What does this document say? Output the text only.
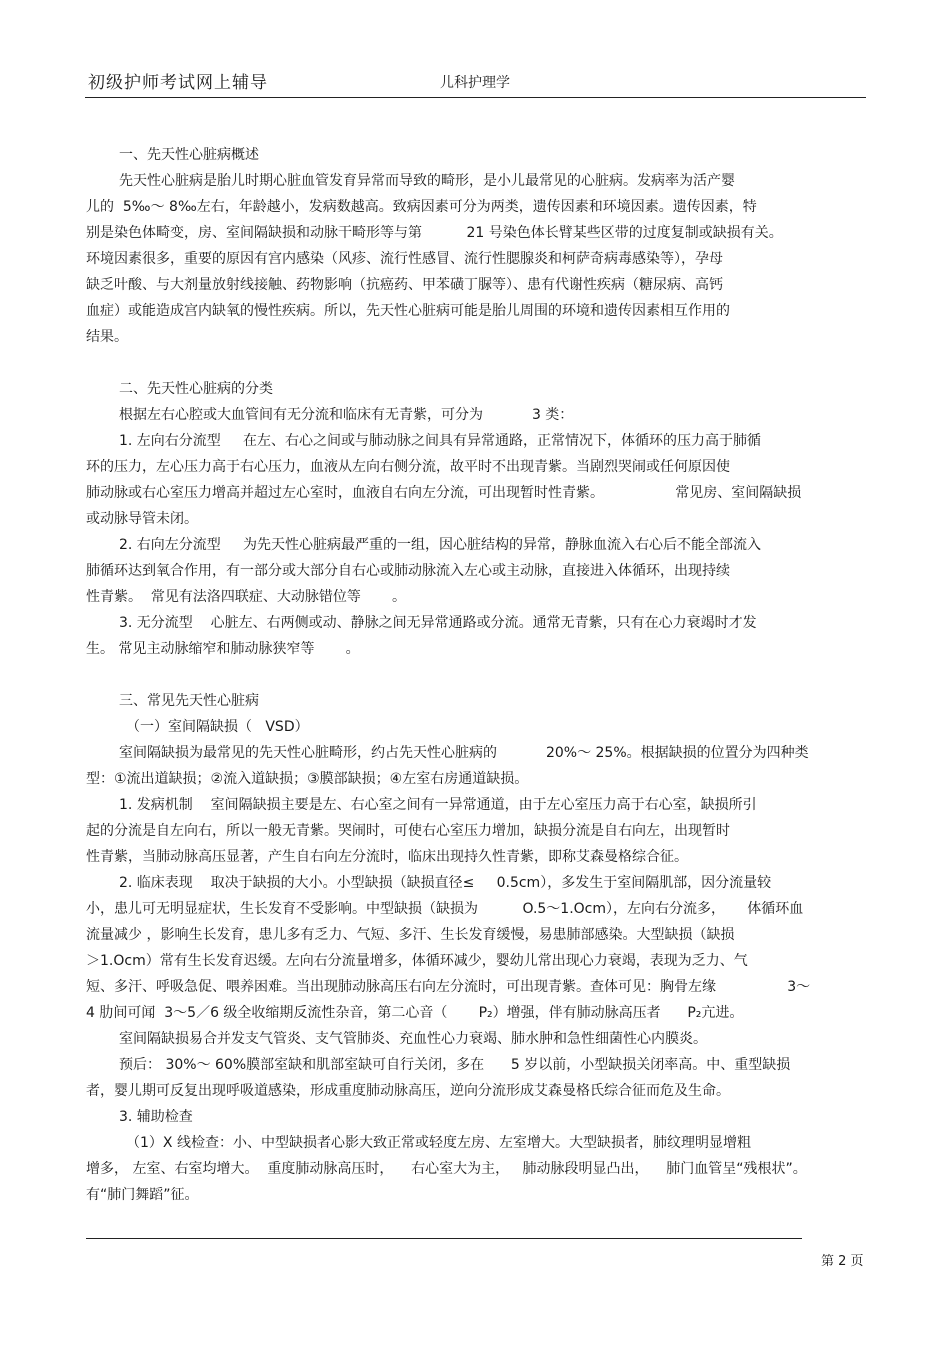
初级护师考试网上辅导	儿科护理学
一、先天性心脏病概述
先天性心脏病是胎儿时期心脏血管发育异常而导致的畸形，是小儿最常见的心脏病。发病率为活产婴
儿的  5‰～ 8‰左右，年龄越小，发病数越高。致病因素可分为两类，遗传因素和环境因素。遗传因素，特
别是染色体畸变，房、室间隔缺损和动脉干畸形等与第          21 号染色体长臂某些区带的过度复制或缺损有关。
环境因素很多，重要的原因有宫内感染（风疹、流行性感冒、流行性腮腺炎和柯萨奇病毒感染等），孕母
缺乏叶酸、与大剂量放射线接触、药物影响（抗癌药、甲苯磺丁脲等）、患有代谢性疾病（糖尿病、高钙
血症）或能造成宫内缺氧的慢性疾病。所以，先天性心脏病可能是胎儿周围的环境和遗传因素相互作用的
结果。
二、先天性心脏病的分类
根据左右心腔或大血管间有无分流和临床有无青紫，可分为           3 类：
1. 左向右分流型     在左、右心之间或与肺动脉之间具有异常通路，正常情况下，体循环的压力高于肺循
环的压力，左心压力高于右心压力，血液从左向右侧分流，故平时不出现青紫。当剧烈哭闹或任何原因使
肺动脉或右心室压力增高并超过左心室时，血液自右向左分流，可出现暂时性青紫。                常见房、室间隔缺损
或动脉导管未闭。
2. 右向左分流型     为先天性心脏病最严重的一组，因心脏结构的异常，静脉血流入右心后不能全部流入
肺循环达到氧合作用，有一部分或大部分自右心或肺动脉流入左心或主动脉，直接进入体循环，出现持续
性青紫。  常见有法洛四联症、大动脉错位等       。
3. 无分流型    心脏左、右两侧或动、静脉之间无异常通路或分流。通常无青紫，只有在心力衰竭时才发
生。 常见主动脉缩窄和肺动脉狭窄等       。
三、常见先天性心脏病
（一）室间隔缺损（   VSD）
室间隔缺损为最常见的先天性心脏畸形，约占先天性心脏病的           20%～ 25%。根据缺损的位置分为四种类
型：①流出道缺损；②流入道缺损；③膜部缺损；④左室右房通道缺损。
1. 发病机制    室间隔缺损主要是左、右心室之间有一异常通道，由于左心室压力高于右心室，缺损所引
起的分流是自左向右，所以一般无青紫。哭闹时，可使右心室压力增加，缺损分流是自右向左，出现暂时
性青紫，当肺动脉高压显著，产生自右向左分流时，临床出现持久性青紫，即称艾森曼格综合征。
2. 临床表现    取决于缺损的大小。小型缺损（缺损直径≤     0.5cm），多发生于室间隔肌部，因分流量较
小，患儿可无明显症状，生长发育不受影响。中型缺损（缺损为          O.5～1.Ocm），左向右分流多，     体循环血
流量减少 ，影响生长发育，患儿多有乏力、气短、多汗、生长发育缓慢，易患肺部感染。大型缺损（缺损
＞1.Ocm）常有生长发育迟缓。左向右分流量增多，体循环减少，婴幼儿常出现心力衰竭，表现为乏力、气
短、多汗、呼吸急促、喂养困难。当出现肺动脉高压右向左分流时，可出现青紫。查体可见：胸骨左缘                3～
4 肋间可闻  3～5／6 级全收缩期反流性杂音，第二心音（       P₂）增强，伴有肺动脉高压者      P₂亢进。
室间隔缺损易合并发支气管炎、支气管肺炎、充血性心力衰竭、肺水肿和急性细菌性心内膜炎。
预后： 30%～ 60%膜部室缺和肌部室缺可自行关闭，多在      5 岁以前，小型缺损关闭率高。中、重型缺损
者，婴儿期可反复出现呼吸道感染，形成重度肺动脉高压，逆向分流形成艾森曼格氏综合征而危及生命。
3. 辅助检查
（1）X 线检查：小、中型缺损者心影大致正常或轻度左房、左室增大。大型缺损者，肺纹理明显增粗
增多， 左室、右室均增大。  重度肺动脉高压时，    右心室大为主，   肺动脉段明显凸出，    肺门血管呈“残根状”。
有“肺门舞蹈”征。
第 2 页
